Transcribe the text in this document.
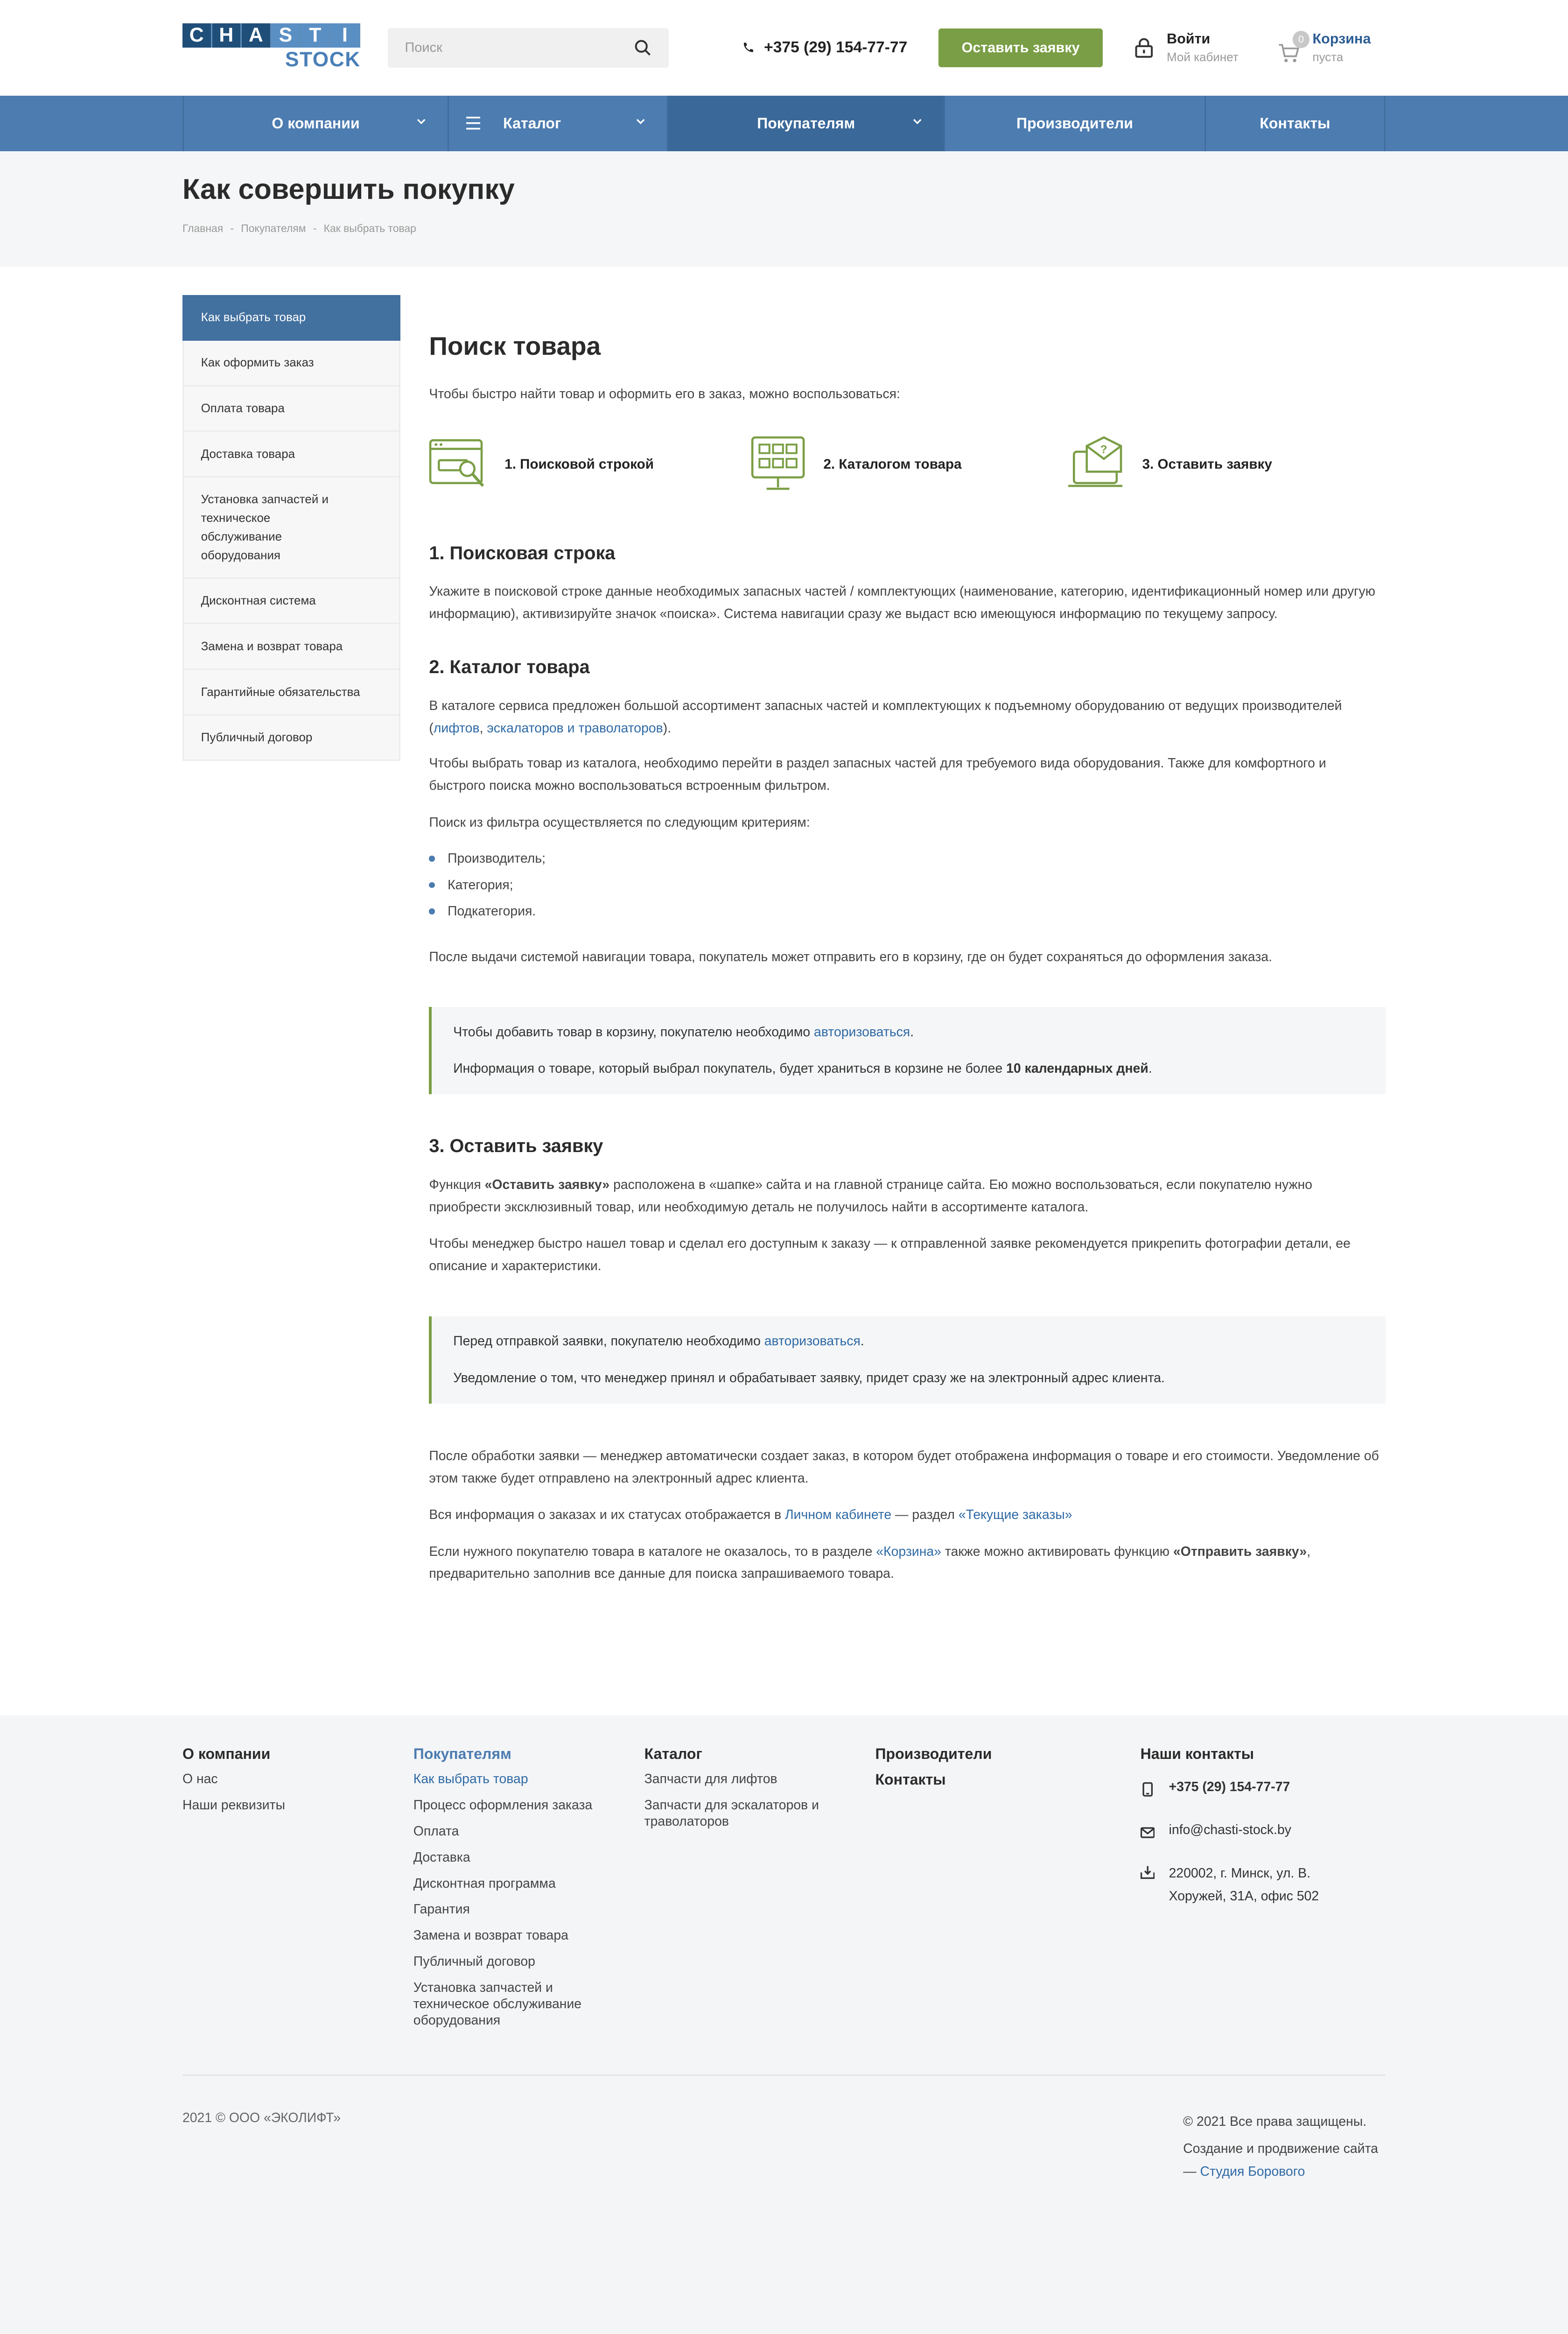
C	H	A	S	T	I
STOCK
Поиск	+375 (29) 154-77-77	Оставить заявку
Войти
Мой кабинет
0	Корзина
пуста
О компании	Каталог	Покупателям	Производители	Контакты
Как совершить покупку
Главная - Покупателям - Как выбрать товар
Как выбрать товар
Как оформить заказ
Оплата товара
Доставка товара
Установка запчастей и техническое обслуживание оборудования
Дисконтная система
Замена и возврат товара
Гарантийные обязательства
Публичный договор
Поиск товара

Чтобы быстро найти товар и оформить его в заказ, можно воспользоваться:

1. Поисковой строкой	2. Каталогом товара
?
3. Оставить заявку
1. Поисковая строка

Укажите в поисковой строке данные необходимых запасных частей / комплектующих (наименование, категорию, идентификационный номер или другую информацию), активизируйте значок «поиска». Система навигации сразу же выдаст всю имеющуюся информацию по текущему запросу.

2. Каталог товара

В каталоге сервиса предложен большой ассортимент запасных частей и комплектующих к подъемному оборудованию от ведущих производителей (лифтов, эскалаторов и траволаторов).

Чтобы выбрать товар из каталога, необходимо перейти в раздел запасных частей для требуемого вида оборудования. Также для комфортного и быстрого поиска можно воспользоваться встроенным фильтром.

Поиск из фильтра осуществляется по следующим критериям:

Производитель;
Категория;
Подкатегория.

После выдачи системой навигации товара, покупатель может отправить его в корзину, где он будет сохраняться до оформления заказа.

Чтобы добавить товар в корзину, покупателю необходимо авторизоваться.

Информация о товаре, который выбрал покупатель, будет храниться в корзине не более 10 календарных дней.

3. Оставить заявку

Функция «Оставить заявку» расположена в «шапке» сайта и на главной странице сайта. Ею можно воспользоваться, если покупателю нужно приобрести эксклюзивный товар, или необходимую деталь не получилось найти в ассортименте каталога.

Чтобы менеджер быстро нашел товар и сделал его доступным к заказу — к отправленной заявке рекомендуется прикрепить фотографии детали, ее описание и характеристики.

Перед отправкой заявки, покупателю необходимо авторизоваться.

Уведомление о том, что менеджер принял и обрабатывает заявку, придет сразу же на электронный адрес клиента.

После обработки заявки — менеджер автоматически создает заказ, в котором будет отображена информация о товаре и его стоимости. Уведомление об этом также будет отправлено на электронный адрес клиента.

Вся информация о заказах и их статусах отображается в Личном кабинете — раздел «Текущие заказы»

Если нужного покупателю товара в каталоге не оказалось, то в разделе «Корзина» также можно активировать функцию «Отправить заявку», предварительно заполнив все данные для поиска запрашиваемого товара.

О компании
О нас
Наши реквизиты
Покупателям
Как выбрать товар
Процесс оформления заказа
Оплата
Доставка
Дисконтная программа
Гарантия
Замена и возврат товара
Публичный договор
Установка запчастей и техническое обслуживание оборудования
Каталог
Запчасти для лифтов
Запчасти для эскалаторов и траволаторов
Производители
Контакты
Наши контакты
+375 (29) 154-77-77
info@chasti-stock.by
220002, г. Минск, ул. В. Хоружей, 31А, офис 502
2021 © ООО «ЭКОЛИФТ»	© 2021 Все права защищены.
Создание и продвижение сайта — Студия Борового
